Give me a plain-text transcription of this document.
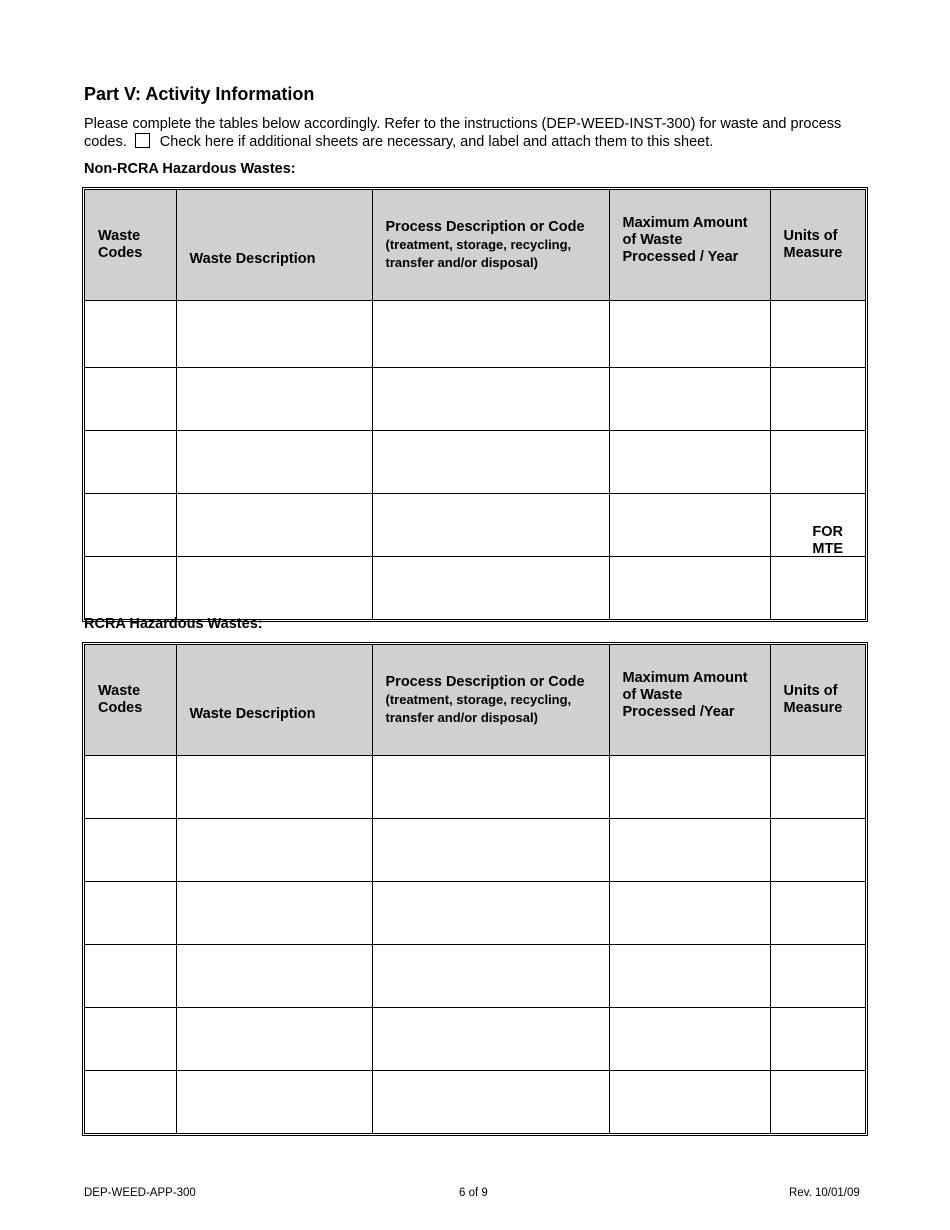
Part V: Activity Information
Please complete the tables below accordingly. Refer to the instructions (DEP-WEED-INST-300) for waste and process codes. Check here if additional sheets are necessary, and label and attach them to this sheet.
Non-RCRA Hazardous Wastes:
Waste Codes	Waste Description	Process Description or Code (treatment, storage, recycling, transfer and/or disposal)	Maximum Amount of Waste Processed / Year	Units of Measure

				FOR
MTE

RCRA Hazardous Wastes:
Waste Codes	Waste Description	Process Description or Code (treatment, storage, recycling, transfer and/or disposal)	Maximum Amount of Waste Processed /Year	Units of Measure

DEP-WEED-APP-300	6 of 9	Rev. 10/01/09
